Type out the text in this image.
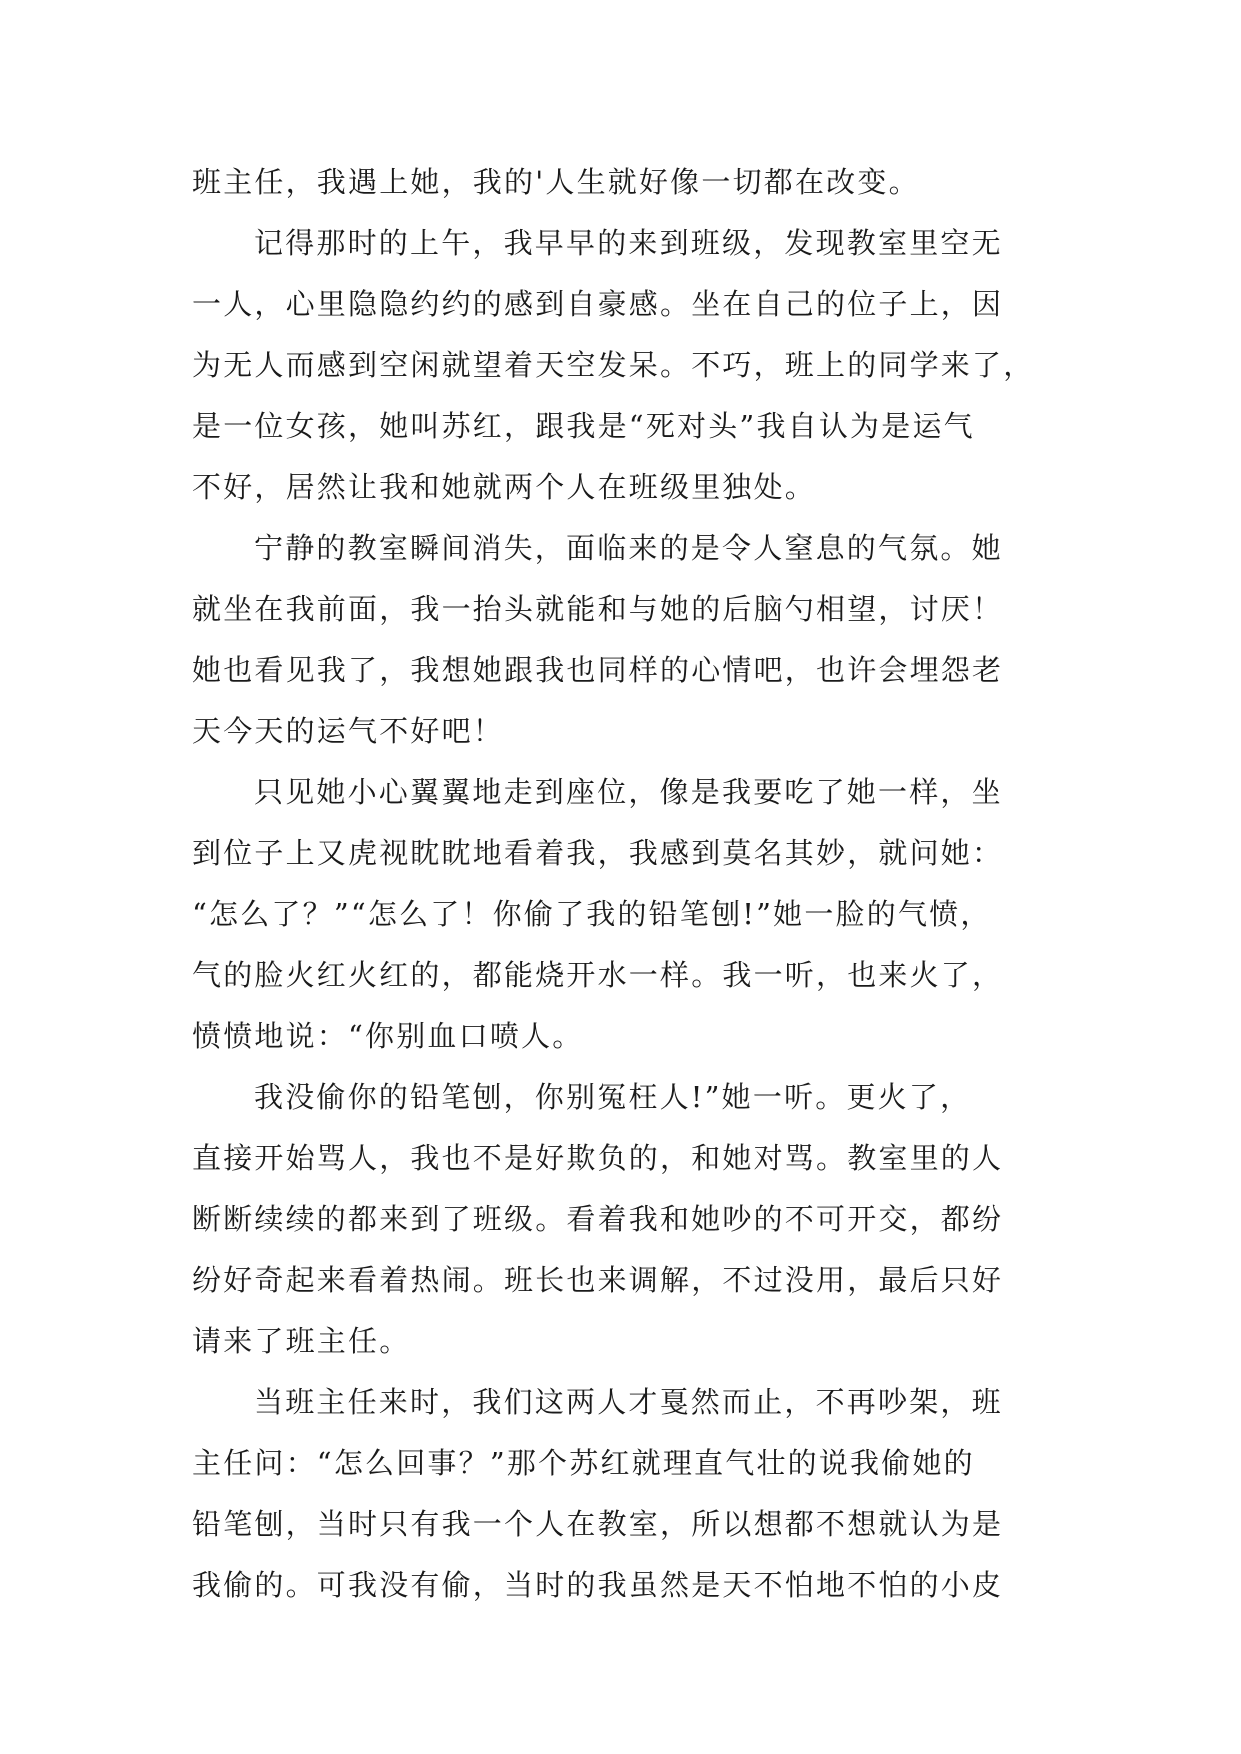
班主任，我遇上她，我的'人生就好像一切都在改变。
记得那时的上午，我早早的来到班级，发现教室里空无
一人，心里隐隐约约的感到自豪感。坐在自己的位子上，因
为无人而感到空闲就望着天空发呆。不巧，班上的同学来了，
是一位女孩，她叫苏红，跟我是“死对头”我自认为是运气
不好，居然让我和她就两个人在班级里独处。
宁静的教室瞬间消失，面临来的是令人窒息的气氛。她
就坐在我前面，我一抬头就能和与她的后脑勺相望，讨厌！
她也看见我了，我想她跟我也同样的心情吧，也许会埋怨老
天今天的运气不好吧！
只见她小心翼翼地走到座位，像是我要吃了她一样，坐
到位子上又虎视眈眈地看着我，我感到莫名其妙，就问她：
“怎么了？”“怎么了！你偷了我的铅笔刨!”她一脸的气愤，
气的脸火红火红的，都能烧开水一样。我一听，也来火了，
愤愤地说：“你别血口喷人。
我没偷你的铅笔刨，你别冤枉人!”她一听。更火了，
直接开始骂人，我也不是好欺负的，和她对骂。教室里的人
断断续续的都来到了班级。看着我和她吵的不可开交，都纷
纷好奇起来看着热闹。班长也来调解，不过没用，最后只好
请来了班主任。
当班主任来时，我们这两人才戛然而止，不再吵架，班
主任问：“怎么回事？”那个苏红就理直气壮的说我偷她的
铅笔刨，当时只有我一个人在教室，所以想都不想就认为是
我偷的。可我没有偷，当时的我虽然是天不怕地不怕的小皮
